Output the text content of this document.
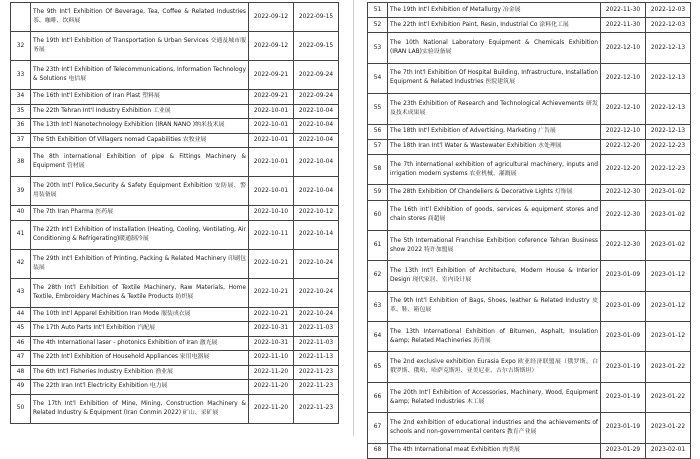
	The 9th Int'l Exhibition Of Beverage, Tea, Coffee & Related Industries 茶、咖啡、饮料展	2022-09-12	2022-09-15
32	The 19th Int'l Exhibition of Transportation & Urban Services 交通及城市服务展	2022-09-12	2022-09-15
33	The 23th Int'l Exhibition of Telecommunications, Information Technology & Solutions 电信展	2022-09-21	2022-09-24
34	The 16th Int'l Exhibition of Iran Plast 塑料展	2022-09-21	2022-09-24
35	The 22th Tehran Int'l Industry Exhibition 工业展	2022-10-01	2022-10-04
36	The 13th Int'l Nanotechnology Exhibition (IRAN NANO )纳米技术展	2022-10-01	2022-10-04
37	The 5th Exhibition Of Villagers nomad Capabilities 农牧业展	2022-10-01	2022-10-04
38	The 8th international Exhibition of pipe & Fittings Machinery & Equipment 管材展	2022-10-01	2022-10-04
39	The 20th Int'l Police,Security & Safety Equipment Exhibition 安防展、警用装备展	2022-10-01	2022-10-04
40	The 7th Iran Pharma 医药展	2022-10-10	2022-10-12
41	The 22th Int'l Exhibition of Installation (Heating, Cooling, Ventilating, Air Conditioning & Refrigerating)暖通制冷展	2022-10-11	2022-10-14
42	The 29th Int'l Exhibition of Printing, Packing & Related Machinery 印刷包装展	2022-10-21	2022-10-24
43	The 28th Int'l Exhibition of Textile Machinery, Raw Materials, Home Textile, Embroidery Machines & Textile Products 纺织展	2022-10-21	2022-10-24
44	The 10th Int'l Apparel Exhibition Iran Mode 服装成衣展	2022-10-21	2022-10-24
45	The 17th Auto Parts Int'l Exhibition 汽配展	2022-10-31	2022-11-03
46	The 4th International laser - photonics Exhibition of Iran 激光展	2022-10-31	2022-11-03
47	The 22th Int'l Exhibition of Household Appliances 家用电器展	2022-11-10	2022-11-13
48	The 6th Int'l Fisheries Industry Exhibition 渔业展	2022-11-20	2022-11-23
49	The 22th Iran Int'l Electricity Exhibition 电力展	2022-11-20	2022-11-23
50	The 17th Int'l Exhibition of Mine, Mining, Construction Machinery & Related Industry & Equipment (Iran Conmin 2022) 矿山、采矿展	2022-11-20	2022-11-23
51	The 19th Int'l Exhibition of Metallurgy 冶金展	2022-11-30	2022-12-03
52	The 22th Int'l Exhibition Paint, Resin, Industrial Co 涂料化工展	2022-11-30	2022-12-03
53	The 10th National Laboratory Equipment & Chemicals Exhibition (IRAN LAB)实验设备展	2022-12-10	2022-12-13
54	The 7th Int'l Exhibition Of Hospital Building, Infrastructure, Installation Equipment & Related Industries 医院建筑展	2022-12-10	2022-12-13
55	The 23th Exhibition of Research and Technological Achievements 研发及技术成果展	2022-12-10	2022-12-13
56	The 18th Int'l Exhibition of Advertising, Marketing 广告展	2022-12-10	2022-12-13
57	The 18th Iran Int'l Water & Wastewater Exhibition 水处理展	2022-12-20	2022-12-23
58	The 7th international exhibition of agricultural machinery, inputs and irrigation modern systems 农业机械、灌溉展	2022-12-20	2022-12-23
59	The 28th Exhibition Of Chandeliers & Decorative Lights 灯饰展	2022-12-30	2023-01-02
60	The 16th int'l Exhibition of goods, services & equipment stores and chain stores 商超展	2022-12-30	2023-01-02
61	The 5th International Franchise Exhibition coference Tehran Business show 2022 特许加盟展	2022-12-30	2023-01-02
62	The 13th Int'l Exhibition of Architecture, Modern House & Interior Design 现代家居、室内设计展	2023-01-09	2023-01-12
63	The 9th Int'l Exhibition of Bags, Shoes, leather & Related Industry 皮革、鞋、箱包展	2023-01-09	2023-01-12
64	The 13th International Exhibition of Bitumen, Asphalt, Insulation &amp; Related Machineries 沥青展	2023-01-09	2023-01-12
65	The 2nd exclusive exhibition Eurasia Expo 欧亚经济联盟展（俄罗斯、白俄罗斯、俄哈、哈萨克斯坦、亚美尼亚、吉尔吉斯斯坦）	2023-01-19	2023-01-22
66	The 20th Int'l Exhibition of Accessories, Machinery, Wood, Equipment &amp; Related Industries 木工展	2023-01-19	2023-01-22
67	The 2nd exhibition of educational industries and the achievements of schools and non-governmental centers 教育产业展	2023-01-19	2023-01-22
68	The 4th International meat Exhibition 肉类展	2023-01-29	2023-02-01
